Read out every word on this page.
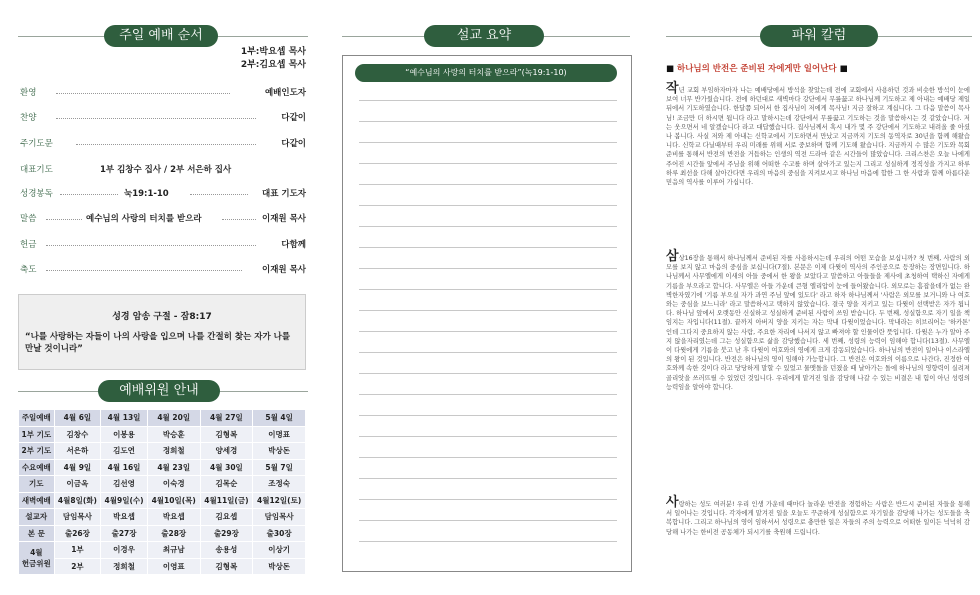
주일 예배 순서
1부:박요셉 목사
2부:김요셉 목사
환영	예배인도자
찬양	다같이
주기도문	다같이
대표기도	1부 김창수 집사 / 2부 서은하 집사
성경봉독	눅19:1-10	대표 기도자
말씀	예수님의 사랑의 터치를 받으라	이재원 목사
헌금	다함께
축도	이재원 목사
성경 암송 구절 - 잠8:17
“나를 사랑하는 자들이 나의 사랑을 입으며 나를 간절히 찾는 자가 나를 만날 것이니라”
예배위원 안내
주일예배	4월 6일	4월 13일	4월 20일	4월 27일	5월 4일
1부 기도	김창수	이봉용	박승훈	김형복	이명표
2부 기도	서은하	김도연	정희철	양세경	박상돈
수요예배	4월 9일	4월 16일	4월 23일	4월 30일	5월 7일
기도	이금옥	김선영	이숙경	김목순	조정숙
새벽예배	4월8일(화)	4월9일(수)	4월10일(목)	4월11일(금)	4월12일(토)
설교자	담임목사	박요셉	박요셉	김요셉	담임목사
본 문	출26장	출27장	출28장	출29장	출30장

4월
헌금위원	1부	이경우	최규남	송용성	이상기
	2부	정희철	이영표	김형복	박상돈
설교 요약
“예수님의 사랑의 터치를 받으라”(녹19:1-10)
파워 칼럼
■ 하나님의 반전은 준비된 자에게만 일어난다 ■
작년 교회 부임하자마자 나는 예배당에서 방석을 찾았는데 전에 교회에서 사용하던 것과 비슷한 방석이 눈에 보여 너무 반가웠습니다. 전에 하던대로 새벽마다 강단에서 무릎꿇고 하나님께 기도하고 제 아내는 예배당 제일 뒤에서 기도하였습니다. 한달쯤 되어서 한 집사님이 저에게 목사님! 지금 잘하고 계십니다. 그 다음 말씀이 목사님! 조금만 더 하시면 됩니다 라고 말하시는데 강단에서 무릎꿇고 기도하는 것을 말씀하시는 것 같았습니다. 저는 웃으면서 네 알겠습니다 라고 대답했습니다. 집사님께서 혹시 내가 몇 주 강단에서 기도하고 내려올 줄 아셨나 봅니다. 사실 저와 제 아내는 신학교에서 기도하면서 만났고 지금까지 기도의 동역자로 30년을 함께 해왔습니다. 신학교 다닐때부터 우리 미래를 위해 서로 중보하며 함께 기도해 왔습니다. 지금까지 수 많은 기도와 목회 준비를 통해서 반전의 반전을 거듭하는 인생의 역전 드라마 같은 시간들이 많았습니다. 크리스찬은 오늘 나에게 주어진 시간들 앞에서 주님을 위해 어떠한 수고를 하며 살아가고 있는지 그리고 성실하게 정직성을 가지고 하루하루 최선을 다해 살아간다면 우리의 마음의 중심을 지켜보시고 하나님 마음에 합한 그 한 사람과 함께 아름다운 믿음의 역사를 이루어 가십니다.
삼상16장을 통해서 하나님께서 준비된 자를 사용하시는데 우리의 어떤 모습을 보십니까? 첫 번째, 사람의 외모를 보지 않고 마음의 중심을 보십니다(7절). 본문은 이제 다윗이 역사의 주인공으로 등장하는 장면입니다. 하나님께서 사무엘에게 이새의 아들 중에서 한 왕을 보았다고 말씀하고 아들들을 제사에 초청하여 택하신 자에게 기름을 부으라고 합니다. 사무엘은 아들 가운데 큰형 엘리압이 눈에 들어왔습니다. 외모로는 흠잡을데가 없는 완벽한자였기에 '기름 부으실 자가 과연 주님 앞에 있도다' 라고 하자 하나님께서 '사람은 외모를 보거니와 나 여호와는 중심을 보느니라' 라고 말씀하시고 택하지 않았습니다. 결국 양을 지키고 있는 다윗이 선택받은 자가 됩니다. 하나님 앞에서 오랫동안 신실하고 성실하게 준비된 사람이 쓰임 받습니다. 두 번째, 성실함으로 자기 일을 책임지는 자입니다(11절). 끝까지 아버지 양을 지키는 자는 막내 다윗이었습니다. 막내라는 히브리어는 '하카톤' 인데 그다지 중요하지 않는 사람, 주요한 자리에 나서지 않고 빠져야 할 인물이란 뜻입니다. 다윗은 누가 알아 주지 않을자리였는데 그는 성실함으로 삶을 감당했습니다. 세 번째, 성령의 능력이 임해야 합니다(13절). 사무엘이 다윗에게 기름을 붓고 난 후 다윗이 여호와의 영에게 크게 감동되었습니다. 하나님의 반전이 일어나 이스라엘의 왕이 된 것입니다. 반전은 하나님의 영이 임해야 가능합니다. 그 반전은 여호와의 이름으로 나간다, 진정한 여호와께 속한 것이다 라고 당당하게 말할 수 있었고 물맷돌을 던졌을 때 날아가는 돌에 하나님의 영향력이 실려져 골리앗을 쓰러뜨릴 수 있었던 것입니다. 우리에게 맡겨진 일을 감당해 나갈 수 있는 비결은 내 힘이 아닌 성령의 능력임을 알아야 합니다.
사랑하는 성도 여러분! 우리 인생 가운데 때마다 놀라운 반전을 경험하는 사람은 반드시 준비된 자들을 통해서 일어나는 것입니다. 각자에게 맡겨진 일을 오늘도 꾸준하게 성실함으로 자기일을 감당해 나가는 성도들을 축복합니다. 그리고 하나님의 영이 임하셔서 성령으로 충만한 일은 자들의 주의 능력으로 어떠한 일이든 넉넉히 감당해 나가는 한비전 공동체가 되시기를 축원해 드립니다.
